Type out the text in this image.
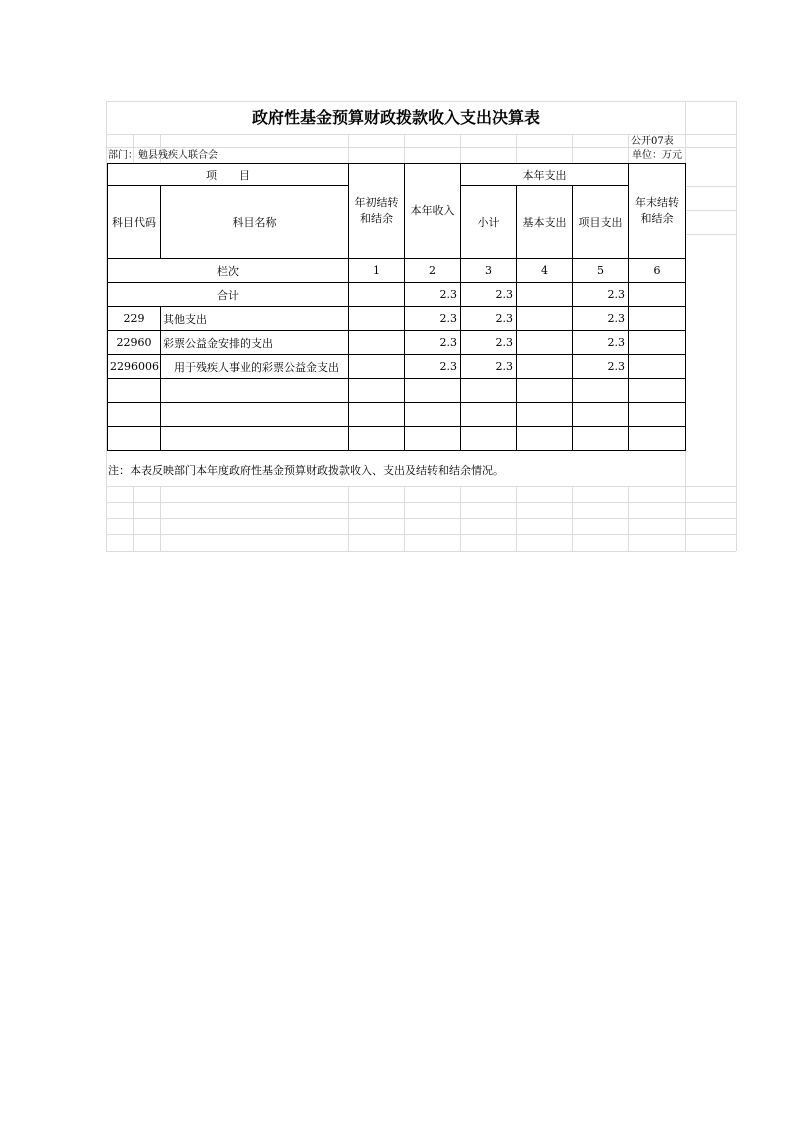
政府性基金预算财政拨款收入支出决算表
公开07表
部门：勉县残疾人联合会	单位：万元
项　　目		年初结转和结余	本年收入	本年支出			年末结转和结余
科目代码	科目名称			小计	基本支出	项目支出	

栏次		1	2	3	4	5	6
合计			2.3	2.3		2.3	
229	其他支出		2.3	2.3		2.3	
22960	彩票公益金安排的支出		2.3	2.3		2.3	
2296006	　用于残疾人事业的彩票公益金支出		2.3	2.3		2.3	

注：本表反映部门本年度政府性基金预算财政拨款收入、支出及结转和结余情况。
